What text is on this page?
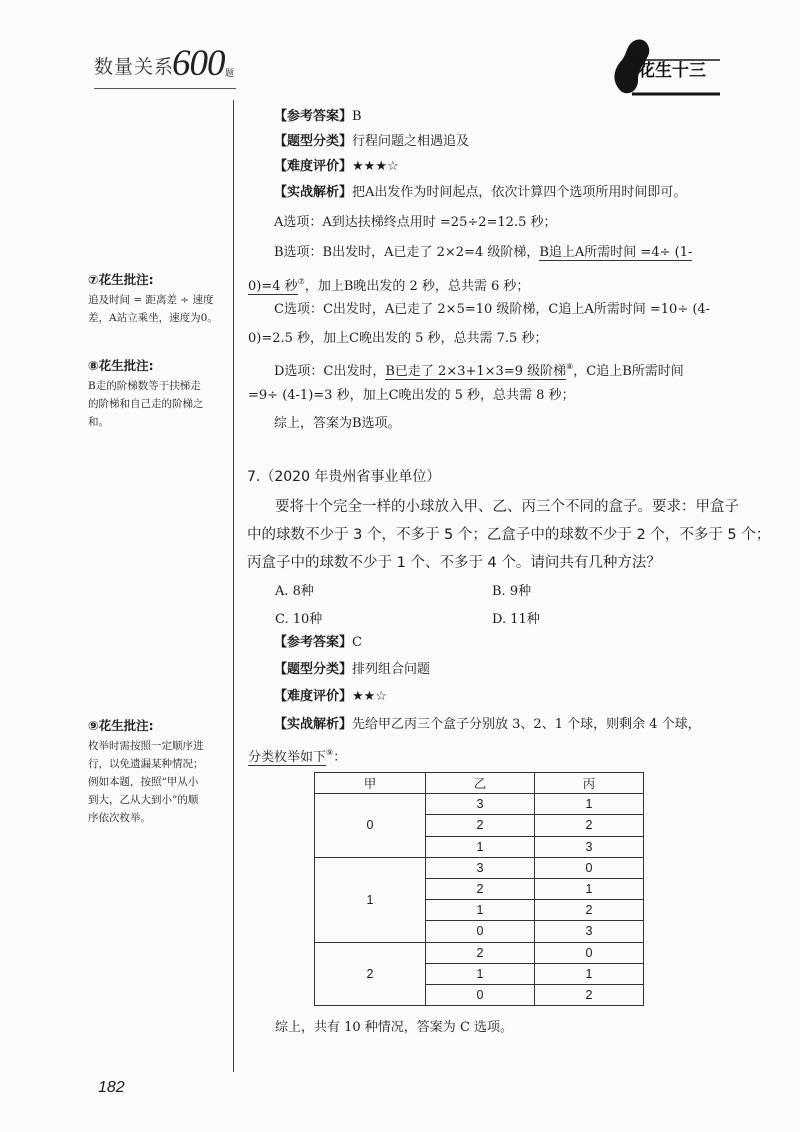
数量关系
600 题	花生十三
⑦花生批注:
追及时间 = 距离差 ÷ 速度
差，A站立乘坐，速度为0。
⑧花生批注:
B走的阶梯数等于扶梯走
的阶梯和自己走的阶梯之
和。
⑨花生批注:
枚举时需按照一定顺序进
行，以免遗漏某种情况；
例如本题，按照“甲从小
到大，乙从大到小”的顺
序依次枚举。
【参考答案】B
【题型分类】行程问题之相遇追及
【难度评价】★★★☆
【实战解析】把A出发作为时间起点，依次计算四个选项所用时间即可。
A选项：A到达扶梯终点用时 =25÷2=12.5 秒；
B选项：B出发时，A已走了 2×2=4 级阶梯，B追上A所需时间 =4÷ (1-
0)=4 秒⑦，加上B晚出发的 2 秒，总共需 6 秒；
C选项：C出发时，A已走了 2×5=10 级阶梯，C追上A所需时间 =10÷ (4-
0)=2.5 秒，加上C晚出发的 5 秒，总共需 7.5 秒；
D选项：C出发时，B已走了 2×3+1×3=9 级阶梯⑧，C追上B所需时间
=9÷ (4-1)=3 秒，加上C晚出发的 5 秒，总共需 8 秒；
综上，答案为B选项。
7.（2020 年贵州省事业单位）
要将十个完全一样的小球放入甲、乙、丙三个不同的盒子。要求：甲盒子
中的球数不少于 3 个，不多于 5 个；乙盒子中的球数不少于 2 个，不多于 5 个；
丙盒子中的球数不少于 1 个、不多于 4 个。请问共有几种方法？
A. 8种	B. 9种
C. 10种	D. 11种
【参考答案】C
【题型分类】排列组合问题
【难度评价】★★☆
【实战解析】先给甲乙丙三个盒子分别放 3、2、1 个球，则剩余 4 个球，
分类枚举如下⑨：
甲	乙	丙
0	3	1
	2	2
	1	3
1	3	0
	2	1
	1	2
	0	3
2	2	0
	1	1
	0	2
综上，共有 10 种情况，答案为 C 选项。
182
